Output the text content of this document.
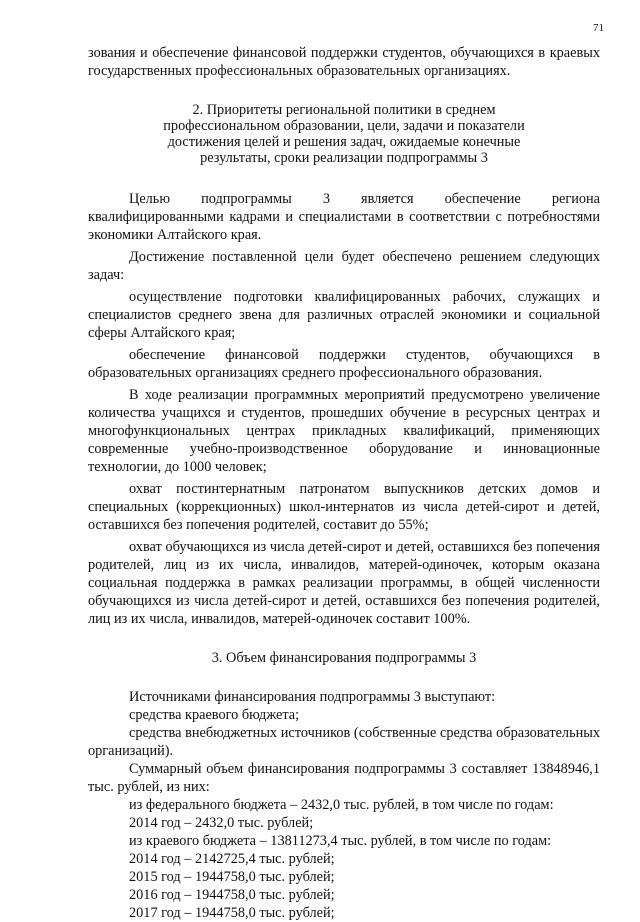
71

зования и обеспечение финансовой поддержки студентов, обучающихся в краевых государственных профессиональных образовательных организациях.

2. Приоритеты региональной политики в среднем
профессиональном образовании, цели, задачи и показатели
достижения целей и решения задач, ожидаемые конечные
результаты, сроки реализации подпрограммы 3

Целью подпрограммы 3 является обеспечение региона квалифицированными кадрами и специалистами в соответствии с потребностями экономики Алтайского края.

Достижение поставленной цели будет обеспечено решением следующих задач:

осуществление подготовки квалифицированных рабочих, служащих и специалистов среднего звена для различных отраслей экономики и социальной сферы Алтайского края;

обеспечение финансовой поддержки студентов, обучающихся в образовательных организациях среднего профессионального образования.

В ходе реализации программных мероприятий предусмотрено увеличение количества учащихся и студентов, прошедших обучение в ресурсных центрах и многофункциональных центрах прикладных квалификаций, применяющих современные учебно-производственное оборудование и инновационные технологии, до 1000 человек;

охват постинтернатным патронатом выпускников детских домов и специальных (коррекционных) школ-интернатов из числа детей-сирот и детей, оставшихся без попечения родителей, составит до 55%;

охват обучающихся из числа детей-сирот и детей, оставшихся без попечения родителей, лиц из их числа, инвалидов, матерей-одиночек, которым оказана социальная поддержка в рамках реализации программы, в общей численности обучающихся из числа детей-сирот и детей, оставшихся без попечения родителей, лиц из их числа, инвалидов, матерей-одиночек составит 100%.

3. Объем финансирования подпрограммы 3

Источниками финансирования подпрограммы 3 выступают:

средства краевого бюджета;

средства внебюджетных источников (собственные средства образовательных организаций).

Суммарный объем финансирования подпрограммы 3 составляет 13848946,1 тыс. рублей, из них:

из федерального бюджета – 2432,0 тыс. рублей, в том числе по годам:

2014 год – 2432,0 тыс. рублей;

из краевого бюджета – 13811273,4 тыс. рублей, в том числе по годам:

2014 год – 2142725,4 тыс. рублей;

2015 год – 1944758,0 тыс. рублей;

2016 год – 1944758,0 тыс. рублей;

2017 год – 1944758,0 тыс. рублей;
